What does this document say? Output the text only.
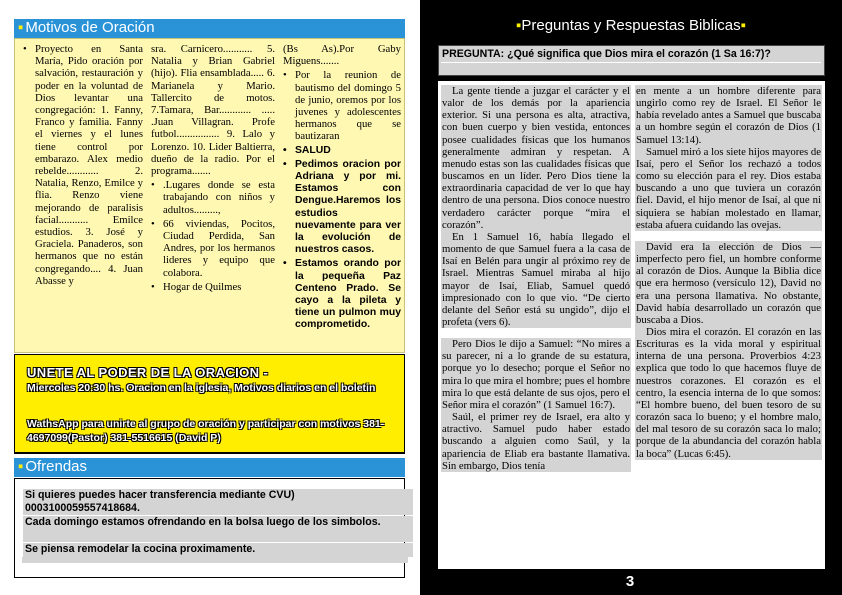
▪ Motivos de Oración
• Proyecto en Santa María, Pido oración por salvación, restauración y poder en la voluntad de Dios levantar una congregación: 1. Fanny, Franco y familia. Fanny el viernes y el lunes tiene control por embarazo. Alex medio rebelde............ 2. Natalia, Renzo, Emilce y flia. Renzo viene mejorando de paralisis facial........... Emilce estudios. 3. José y Graciela. Panaderos, son hermanos que no están congregando.... 4. Juan Abasse y
sra. Carnicero........... 5. Natalia y Brian Gabriel (hijo). Flia ensamblada..... 6. Marianela y Mario. Tallercito de motos. 7.Tamara, Bar............ ..... .Juan Villagran. Profe futbol................ 9. Lalo y Lorenzo. 10. Lider Baltierra, dueño de la radio. Por el programa.......
• .Lugares donde se esta trabajando con niños y adultos.........,
• 66 viviendas, Pocitos, Ciudad Perdida, San Andres, por los hermanos lideres y equipo que colabora.
• Hogar de Quilmes
(Bs As).Por Gaby Miguens.......
• Por la reunion de bautismo del domingo 5 de junio, oremos por los juvenes y adolescentes hermanos que se bautizaran
• SALUD
• Pedimos oracion por Adriana y por mi. Estamos con Dengue.Haremos los estudios nuevamente para ver la evolución de nuestros casos.
• Estamos orando por la pequeña Paz Centeno Prado. Se cayo a la pileta y tiene un pulmon muy comprometido.
UNETE AL PODER DE LA ORACION -
Miercoles 20:30 hs. Oracion en la iglesia, Motivos diarios en el boletin
WathsApp para unirte al grupo de oración y participar con motivos 381-4697099(Pastor) 381-5516615 (David P)
▪ Ofrendas
Si quieres puedes hacer transferencia mediante CVU) 0003100059557418684.
Cada domingo estamos ofrendando en la bolsa luego de los simbolos.
Se piensa remodelar la cocina proximamente.
▪Preguntas y Respuestas Biblicas▪
PREGUNTA: ¿Qué significa que Dios mira el corazón (1 Sa 16:7)?
La gente tiende a juzgar el carácter y el valor de los demás por la apariencia exterior. Si una persona es alta, atractiva, con buen cuerpo y bien vestida, entonces posee cualidades físicas que los humanos generalmente admiran y respetan. A menudo estas son las cualidades físicas que buscamos en un líder. Pero Dios tiene la extraordinaria capacidad de ver lo que hay dentro de una persona. Dios conoce nuestro verdadero carácter porque “mira el corazón”.
En 1 Samuel 16, había llegado el momento de que Samuel fuera a la casa de Isaí en Belén para ungir al próximo rey de Israel. Mientras Samuel miraba al hijo mayor de Isaí, Eliab, Samuel quedó impresionado con lo que vio. “De cierto delante del Señor está su ungido”, dijo el profeta (vers 6).
Pero Dios le dijo a Samuel: “No mires a su parecer, ni a lo grande de su estatura, porque yo lo desecho; porque el Señor no mira lo que mira el hombre; pues el hombre mira lo que está delante de sus ojos, pero el Señor mira el corazón” (1 Samuel 16:7).
Saúl, el primer rey de Israel, era alto y atractivo. Samuel pudo haber estado buscando a alguien como Saúl, y la apariencia de Eliab era bastante llamativa. Sin embargo, Dios tenía
en mente a un hombre diferente para ungirlo como rey de Israel. El Señor le había revelado antes a Samuel que buscaba a un hombre según el corazón de Dios (1 Samuel 13:14).
Samuel miró a los siete hijos mayores de Isaí, pero el Señor los rechazó a todos como su elección para el rey. Dios estaba buscando a uno que tuviera un corazón fiel. David, el hijo menor de Isaí, al que ni siquiera se habían molestado en llamar, estaba afuera cuidando las ovejas.
David era la elección de Dios — imperfecto pero fiel, un hombre conforme al corazón de Dios. Aunque la Biblia dice que era hermoso (versículo 12), David no era una persona llamativa. No obstante, David había desarrollado un corazón que buscaba a Dios.
Dios mira el corazón. El corazón en las Escrituras es la vida moral y espiritual interna de una persona. Proverbios 4:23 explica que todo lo que hacemos fluye de nuestros corazones. El corazón es el centro, la esencia interna de lo que somos: “El hombre bueno, del buen tesoro de su corazón saca lo bueno; y el hombre malo, del mal tesoro de su corazón saca lo malo; porque de la abundancia del corazón habla la boca” (Lucas 6:45).
3
